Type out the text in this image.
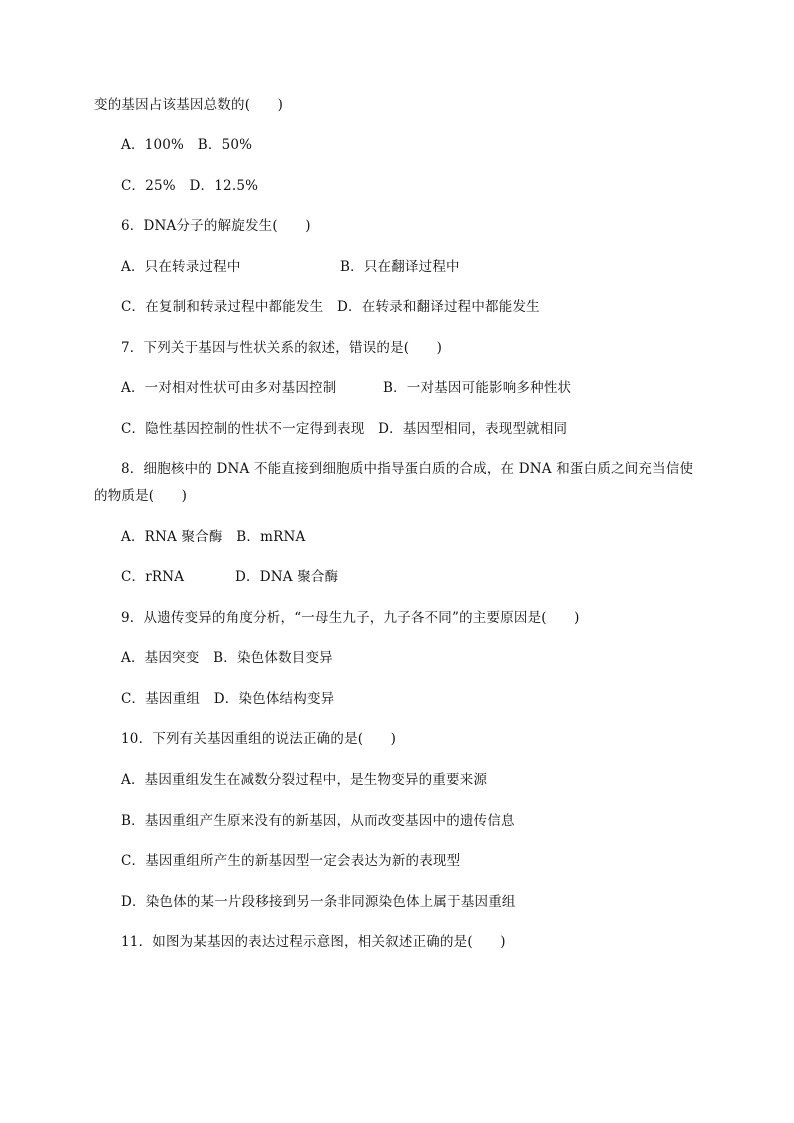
变的基因占该基因总数的(　　)
A．100%　B．50%
C．25%　D．12.5%
6．DNA分子的解旋发生(　　)
A．只在转录过程中	B．只在翻译过程中
C．在复制和转录过程中都能发生　D．在转录和翻译过程中都能发生
7．下列关于基因与性状关系的叙述，错误的是(　　)
A．一对相对性状可由多对基因控制	B．一对基因可能影响多种性状
C．隐性基因控制的性状不一定得到表现　D．基因型相同，表现型就相同
8．细胞核中的 DNA 不能直接到细胞质中指导蛋白质的合成，在 DNA 和蛋白质之间充当信使
的物质是(　　)
A．RNA 聚合酶　B．mRNA
C．rRNA	D．DNA 聚合酶
9．从遗传变异的角度分析，“一母生九子，九子各不同”的主要原因是(　　)
A．基因突变　B．染色体数目变异
C．基因重组　D．染色体结构变异
10．下列有关基因重组的说法正确的是(　　)
A．基因重组发生在减数分裂过程中，是生物变异的重要来源
B．基因重组产生原来没有的新基因，从而改变基因中的遗传信息
C．基因重组所产生的新基因型一定会表达为新的表现型
D．染色体的某一片段移接到另一条非同源染色体上属于基因重组
11．如图为某基因的表达过程示意图，相关叙述正确的是(　　)
